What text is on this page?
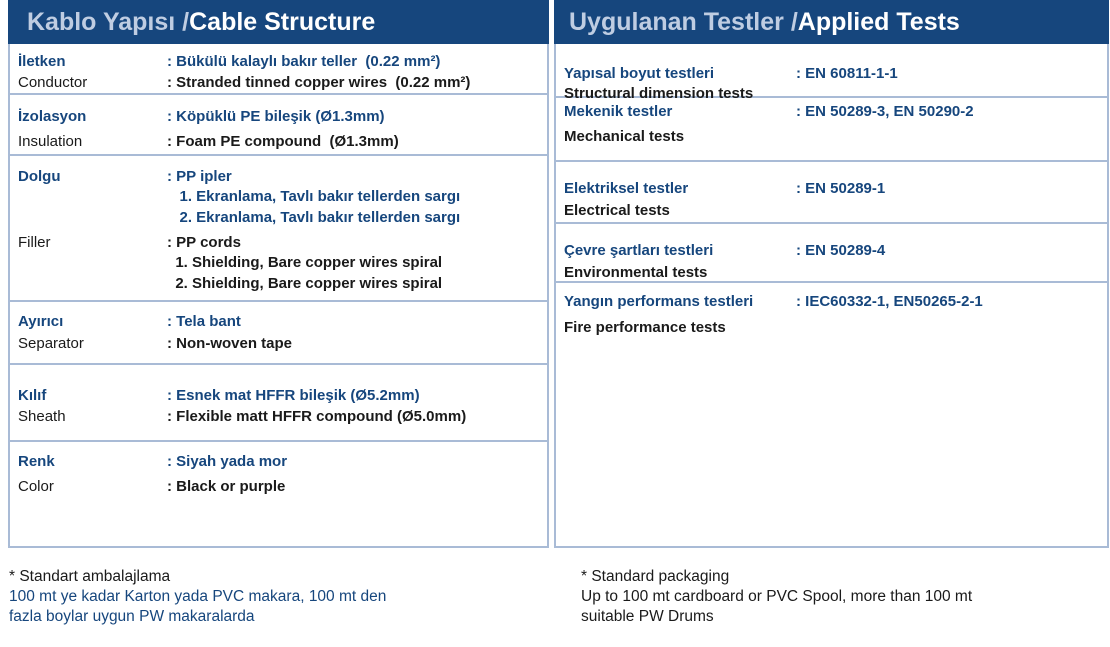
Kablo Yapısı / Cable Structure
İletken	: Bükülü kalaylı bakır teller  (0.22 mm²)
Conductor	: Stranded tinned copper wires  (0.22 mm²)
İzolasyon	: Köpüklü PE bileşik (Ø1.3mm)
Insulation	: Foam PE compound  (Ø1.3mm)
Dolgu	: PP ipler
1. Ekranlama, Tavlı bakır tellerden sargı
2. Ekranlama, Tavlı bakır tellerden sargı
Filler	: PP cords
1. Shielding, Bare copper wires spiral
2. Shielding, Bare copper wires spiral
Ayırıcı	: Tela bant
Separator	: Non-woven tape
Kılıf	: Esnek mat HFFR bileşik (Ø5.2mm)
Sheath	: Flexible matt HFFR compound (Ø5.0mm)
Renk	: Siyah yada mor
Color	: Black or purple
Uygulanan Testler / Applied Tests
Yapısal boyut testleri	: EN 60811-1-1
Structural dimension tests
Mekenik testler	: EN 50289-3, EN 50290-2
Mechanical tests
Elektriksel testler	: EN 50289-1
Electrical tests
Çevre şartları testleri	: EN 50289-4
Environmental tests
Yangın performans testleri	: IEC60332-1, EN50265-2-1
Fire performance tests
* Standart ambalajlama
100 mt ye kadar Karton yada PVC makara, 100 mt den
fazla boylar uygun PW makaralarda
* Standard packaging
Up to 100 mt cardboard or PVC Spool, more than 100 mt
suitable PW Drums
